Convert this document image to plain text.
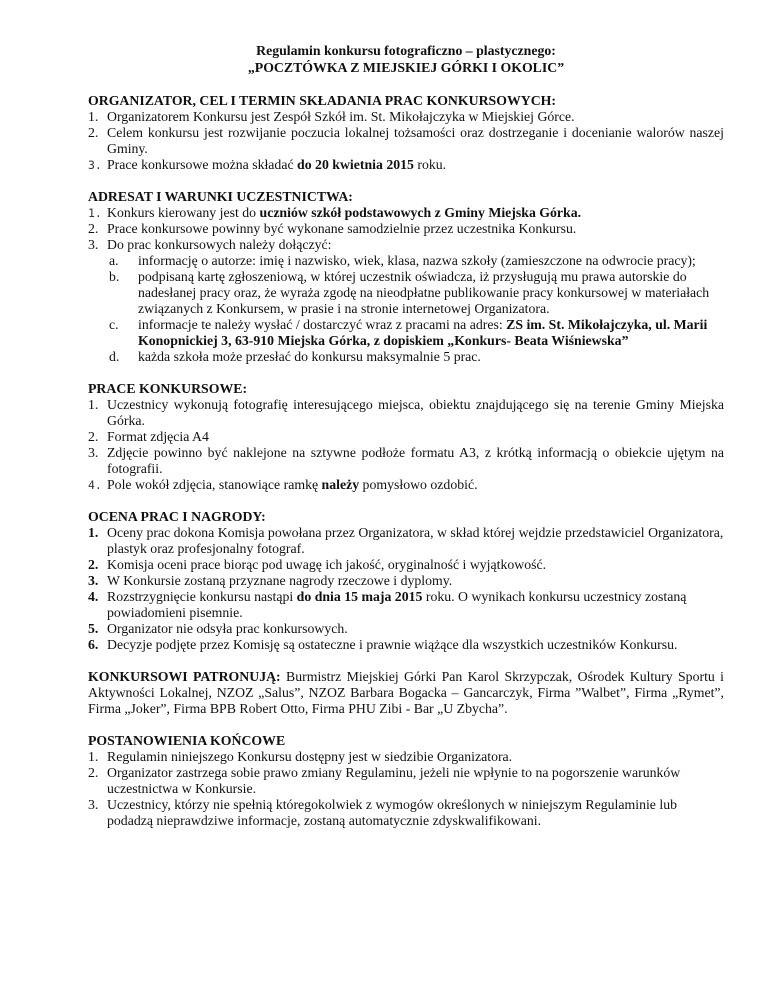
Regulamin konkursu fotograficzno – plastycznego:
„POCZTÓWKA Z MIEJSKIEJ GÓRKI I OKOLIC”
ORGANIZATOR, CEL I TERMIN SKŁADANIA PRAC KONKURSOWYCH:
1. Organizatorem Konkursu jest Zespół Szkół im. St. Mikołajczyka w Miejskiej Górce.
2. Celem konkursu jest rozwijanie poczucia lokalnej tożsamości oraz dostrzeganie i docenianie walorów naszej Gminy.
3. Prace konkursowe można składać do 20 kwietnia 2015 roku.
ADRESAT I WARUNKI UCZESTNICTWA:
1. Konkurs kierowany jest do uczniów szkół podstawowych z Gminy Miejska Górka.
2. Prace konkursowe powinny być wykonane samodzielnie przez uczestnika Konkursu.
3. Do prac konkursowych należy dołączyć:
a. informację o autorze: imię i nazwisko, wiek, klasa, nazwa szkoły (zamieszczone na odwrocie pracy);
b. podpisaną kartę zgłoszeniową, w której uczestnik oświadcza, iż przysługują mu prawa autorskie do nadesłanej pracy oraz, że wyraża zgodę na nieodpłatne publikowanie pracy konkursowej w materiałach związanych z Konkursem, w prasie i na stronie internetowej Organizatora.
c. informacje te należy wysłać / dostarczyć wraz z pracami na adres: ZS im. St. Mikołajczyka, ul. Marii Konopnickiej 3, 63-910 Miejska Górka, z dopiskiem „Konkurs- Beata Wiśniewska”
d. każda szkoła może przesłać do konkursu maksymalnie 5 prac.
PRACE KONKURSOWE:
1. Uczestnicy wykonują fotografię interesującego miejsca, obiektu znajdującego się na terenie Gminy Miejska Górka.
2. Format zdjęcia A4
3. Zdjęcie powinno być naklejone na sztywne podłoże formatu A3, z krótką informacją o obiekcie ujętym na fotografii.
4. Pole wokół zdjęcia, stanowiące ramkę należy pomysłowo ozdobić.
OCENA PRAC I NAGRODY:
1. Oceny prac dokona Komisja powołana przez Organizatora, w skład której wejdzie przedstawiciel Organizatora, plastyk oraz profesjonalny fotograf.
2. Komisja oceni prace biorąc pod uwagę ich jakość, oryginalność i wyjątkowość.
3. W Konkursie zostaną przyznane nagrody rzeczowe i dyplomy.
4. Rozstrzygnięcie konkursu nastąpi do dnia 15 maja 2015 roku. O wynikach konkursu uczestnicy zostaną powiadomieni pisemnie.
5. Organizator nie odsyła prac konkursowych.
6. Decyzje podjęte przez Komisję są ostateczne i prawnie wiążące dla wszystkich uczestników Konkursu.
KONKURSOWI PATRONUJĄ: Burmistrz Miejskiej Górki Pan Karol Skrzypczak, Ośrodek Kultury Sportu i Aktywności Lokalnej, NZOZ „Salus”, NZOZ Barbara Bogacka – Gancarczyk, Firma ”Walbet”, Firma „Rymet”, Firma „Joker”, Firma BPB Robert Otto, Firma PHU Zibi - Bar „U Zbycha”.
POSTANOWIENIA KOŃCOWE
1. Regulamin niniejszego Konkursu dostępny jest w siedzibie Organizatora.
2. Organizator zastrzega sobie prawo zmiany Regulaminu, jeżeli nie wpłynie to na pogorszenie warunków uczestnictwa w Konkursie.
3. Uczestnicy, którzy nie spełnią któregokolwiek z wymogów określonych w niniejszym Regulaminie lub podadzą nieprawdziwe informacje, zostaną automatycznie zdyskwalifikowani.
